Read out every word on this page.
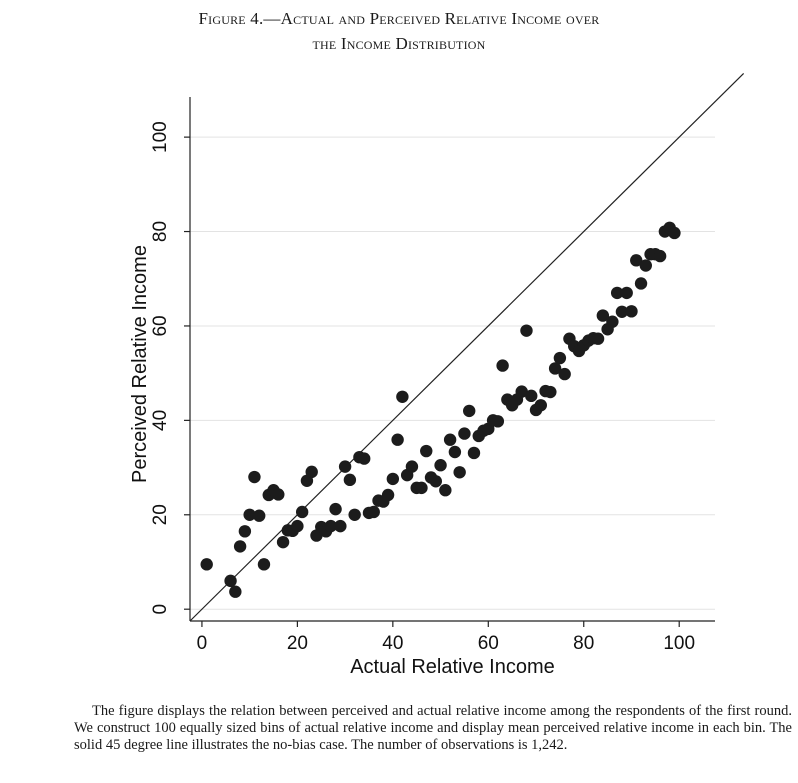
Figure 4.—Actual and Perceived Relative Income over
the Income Distribution
0	20	40	60	80	100
0
20
40
60
80
100
Actual Relative Income
Perceived Relative Income
The figure displays the relation between perceived and actual relative income among the respondents of the first round. We construct 100 equally sized bins of actual relative income and display mean perceived relative income in each bin. The solid 45 degree line illustrates the no-bias case. The number of observations is 1,242.
